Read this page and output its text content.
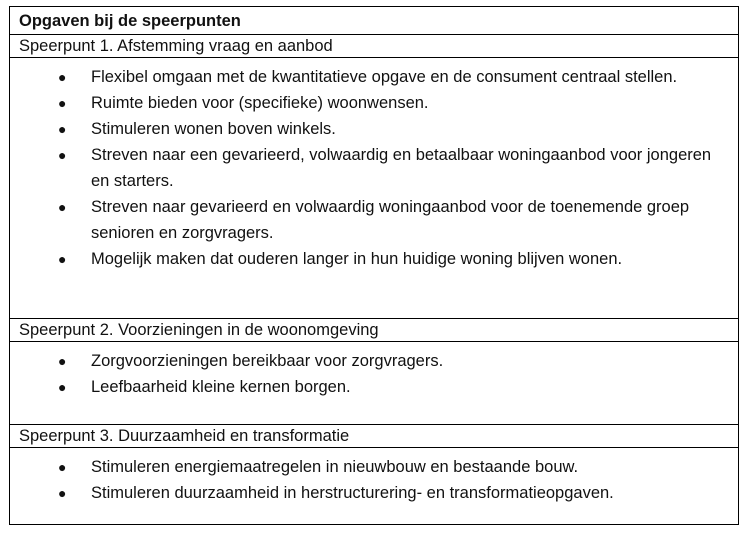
Opgaven bij de speerpunten
Speerpunt 1. Afstemming vraag en aanbod
● Flexibel omgaan met de kwantitatieve opgave en de consument centraal stellen.
● Ruimte bieden voor (specifieke) woonwensen.
● Stimuleren wonen boven winkels.
● Streven naar een gevarieerd, volwaardig en betaalbaar woningaanbod voor jongeren en starters.
● Streven naar gevarieerd en volwaardig woningaanbod voor de toenemende groep senioren en zorgvragers.
● Mogelijk maken dat ouderen langer in hun huidige woning blijven wonen.
Speerpunt 2. Voorzieningen in de woonomgeving
● Zorgvoorzieningen bereikbaar voor zorgvragers.
● Leefbaarheid kleine kernen borgen.
Speerpunt 3. Duurzaamheid en transformatie
● Stimuleren energiemaatregelen in nieuwbouw en bestaande bouw.
● Stimuleren duurzaamheid in herstructurering- en transformatieopgaven.
